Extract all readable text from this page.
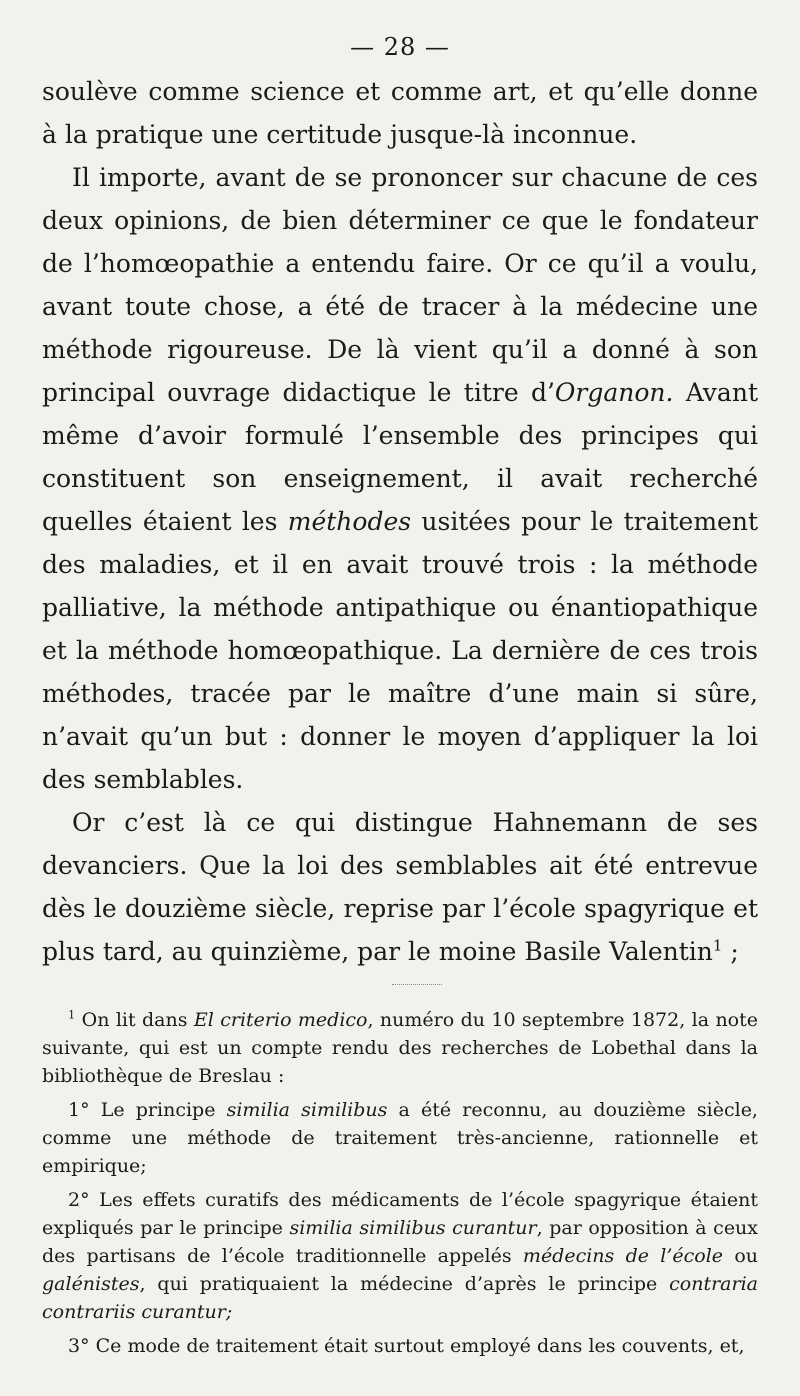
— 28 —

soulève comme science et comme art, et qu’elle donne à la pratique une certitude jusque-là inconnue.

Il importe, avant de se prononcer sur chacune de ces deux opinions, de bien déterminer ce que le fondateur de l’homœopathie a entendu faire. Or ce qu’il a voulu, avant toute chose, a été de tracer à la médecine une méthode rigoureuse. De là vient qu’il a donné à son principal ouvrage didactique le titre d’Organon. Avant même d’avoir formulé l’ensemble des principes qui constituent son enseignement, il avait recherché quelles étaient les méthodes usitées pour le traitement des maladies, et il en avait trouvé trois : la méthode palliative, la méthode antipathique ou énantiopathique et la méthode homœopathique. La dernière de ces trois méthodes, tracée par le maître d’une main si sûre, n’avait qu’un but : donner le moyen d’appliquer la loi des semblables.

Or c’est là ce qui distingue Hahnemann de ses devanciers. Que la loi des semblables ait été entrevue dès le douzième siècle, reprise par l’école spagyrique et plus tard, au quinzième, par le moine Basile Valentin$^1$ ;

$^1$ On lit dans El criterio medico, numéro du 10 septembre 1872, la note suivante, qui est un compte rendu des recherches de Lobethal dans la bibliothèque de Breslau :

1° Le principe similia similibus a été reconnu, au douzième siècle, comme une méthode de traitement très-ancienne, rationnelle et empirique;

2° Les effets curatifs des médicaments de l’école spagyrique étaient expliqués par le principe similia similibus curantur, par opposition à ceux des partisans de l’école traditionnelle appelés médecins de l’école ou galénistes, qui pratiquaient la médecine d’après le principe contraria contrariis curantur;

3° Ce mode de traitement était surtout employé dans les couvents, et,
